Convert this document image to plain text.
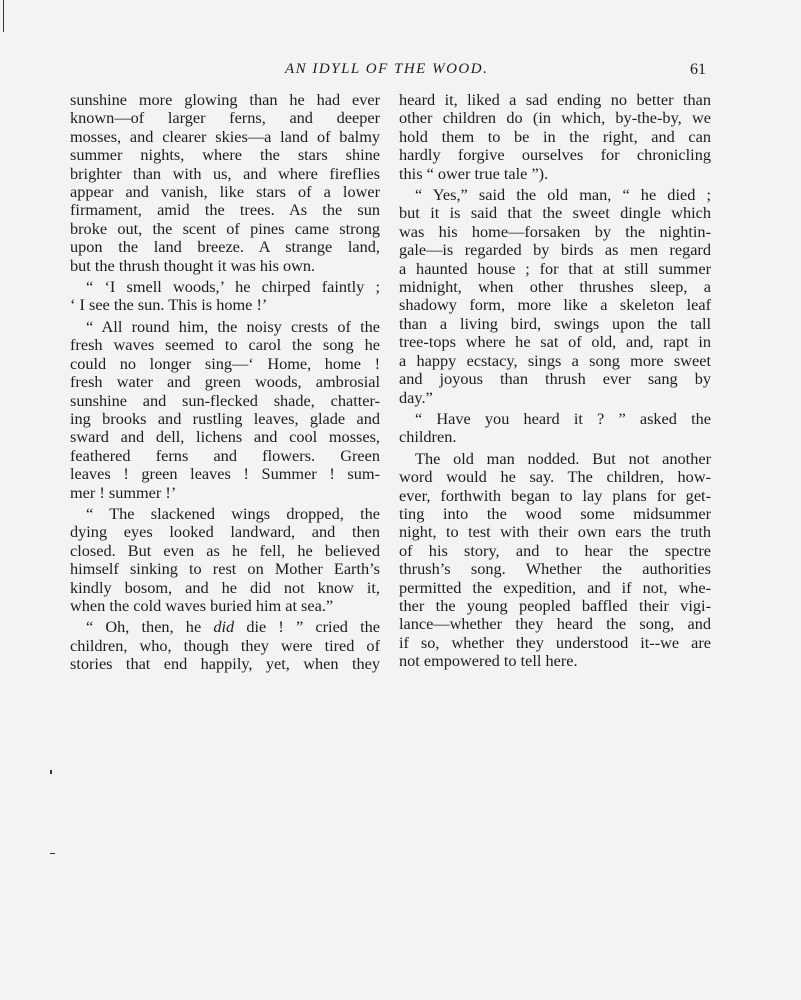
AN IDYLL OF THE WOOD.	61
sunshine more glowing than he had ever
known—of larger ferns, and deeper
mosses, and clearer skies—a land of balmy
summer nights, where the stars shine
brighter than with us, and where fireflies
appear and vanish, like stars of a lower
firmament, amid the trees. As the sun
broke out, the scent of pines came strong
upon the land breeze. A strange land,
but the thrush thought it was his own.
“ ‘I smell woods,’ he chirped faintly ;
‘ I see the sun. This is home !’
“ All round him, the noisy crests of the
fresh waves seemed to carol the song he
could no longer sing—‘ Home, home !
fresh water and green woods, ambrosial
sunshine and sun-flecked shade, chatter-
ing brooks and rustling leaves, glade and
sward and dell, lichens and cool mosses,
feathered ferns and flowers. Green
leaves ! green leaves ! Summer ! sum-
mer ! summer !’
“ The slackened wings dropped, the
dying eyes looked landward, and then
closed. But even as he fell, he believed
himself sinking to rest on Mother Earth’s
kindly bosom, and he did not know it,
when the cold waves buried him at sea.”
“ Oh, then, he did die ! ” cried the
children, who, though they were tired of
stories that end happily, yet, when they
heard it, liked a sad ending no better than
other children do (in which, by-the-by, we
hold them to be in the right, and can
hardly forgive ourselves for chronicling
this “ ower true tale ”).
“ Yes,” said the old man, “ he died ;
but it is said that the sweet dingle which
was his home—forsaken by the nightin-
gale—is regarded by birds as men regard
a haunted house ; for that at still summer
midnight, when other thrushes sleep, a
shadowy form, more like a skeleton leaf
than a living bird, swings upon the tall
tree-tops where he sat of old, and, rapt in
a happy ecstacy, sings a song more sweet
and joyous than thrush ever sang by
day.”
“ Have you heard it ? ” asked the
children.
The old man nodded. But not another
word would he say. The children, how-
ever, forthwith began to lay plans for get-
ting into the wood some midsummer
night, to test with their own ears the truth
of his story, and to hear the spectre
thrush’s song. Whether the authorities
permitted the expedition, and if not, whe-
ther the young peopled baffled their vigi-
lance—whether they heard the song, and
if so, whether they understood it--we are
not empowered to tell here.
